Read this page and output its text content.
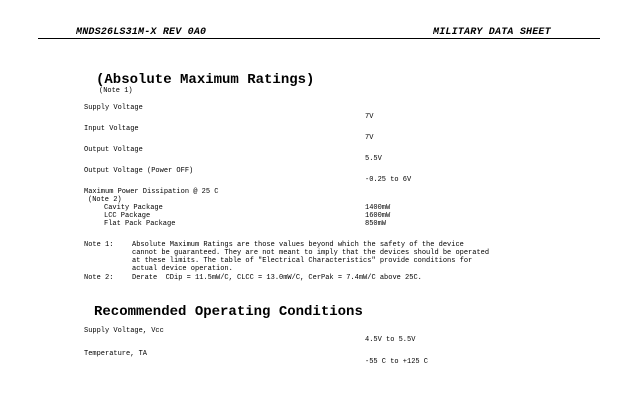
MNDS26LS31M-X REV 0A0	MILITARY DATA SHEET
(Absolute Maximum Ratings)
(Note 1)
Supply Voltage
7V
Input Voltage
7V
Output Voltage
5.5V
Output Voltage (Power OFF)
-0.25 to 6V
Maximum Power Dissipation @ 25 C
(Note 2)
Cavity Package	1400mW
LCC Package	1600mW
Flat Pack Package	850mW
Note 1:	Absolute Maximum Ratings are those values beyond which the safety of the device
cannot be guaranteed. They are not meant to imply that the devices should be operated
at these limits. The table of "Electrical Characteristics" provide conditions for
actual device operation.
Note 2:	Derate  CDip = 11.5mW/C, CLCC = 13.0mW/C, CerPak = 7.4mW/C above 25C.
Recommended Operating Conditions
Supply Voltage, Vcc
4.5V to 5.5V
Temperature, TA
-55 C to +125 C
